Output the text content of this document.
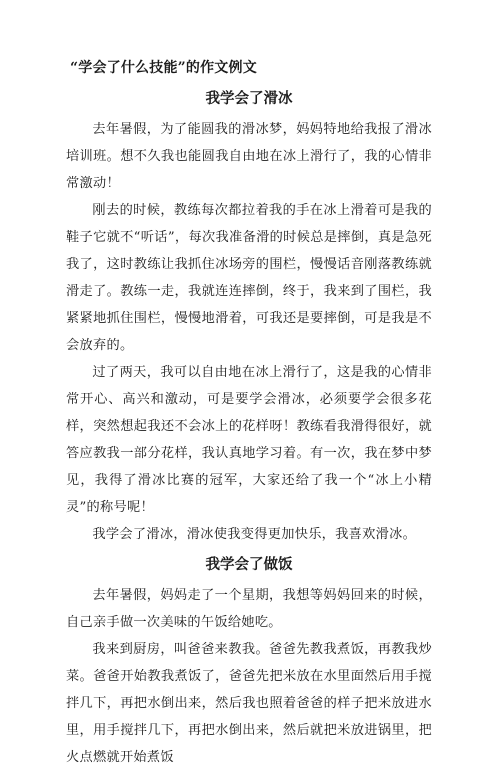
“学会了什么技能”的作文例文
我学会了滑冰

去年暑假，为了能圆我的滑冰梦，妈妈特地给我报了滑冰培训班。想不久我也能圆我自由地在冰上滑行了，我的心情非常激动！

刚去的时候，教练每次都拉着我的手在冰上滑着可是我的鞋子它就不“听话”，每次我准备滑的时候总是摔倒，真是急死我了，这时教练让我抓住冰场旁的围栏，慢慢话音刚落教练就滑走了。教练一走，我就连连摔倒，终于，我来到了围栏，我紧紧地抓住围栏，慢慢地滑着，可我还是要摔倒，可是我是不会放弃的。

过了两天，我可以自由地在冰上滑行了，这是我的心情非常开心、高兴和激动，可是要学会滑冰，必须要学会很多花样，突然想起我还不会冰上的花样呀！教练看我滑得很好，就答应教我一部分花样，我认真地学习着。有一次，我在梦中梦见，我得了滑冰比赛的冠军，大家还给了我一个“冰上小精灵”的称号呢！

我学会了滑冰，滑冰使我变得更加快乐，我喜欢滑冰。

我学会了做饭

去年暑假，妈妈走了一个星期，我想等妈妈回来的时候，自己亲手做一次美味的午饭给她吃。

我来到厨房，叫爸爸来教我。爸爸先教我煮饭，再教我炒菜。爸爸开始教我煮饭了，爸爸先把米放在水里面然后用手搅拌几下，再把水倒出来，然后我也照着爸爸的样子把米放进水里，用手搅拌几下，再把水倒出来，然后就把米放进锅里，把火点燃就开始煮饭
